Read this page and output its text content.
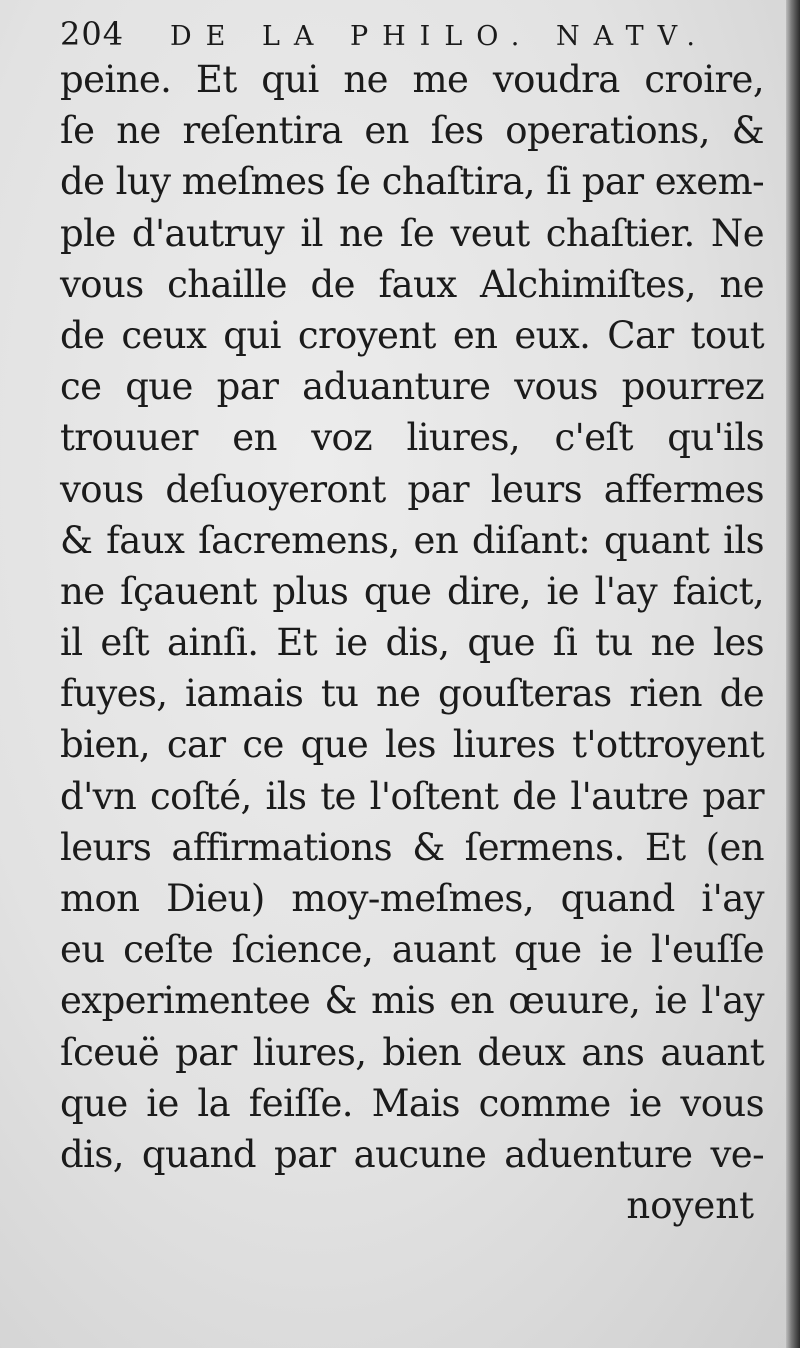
204	DE LA PHILO. NATV.
peine. Et qui ne me voudra croire,
ſe ne reſentira en ſes operations, &
de luy meſmes ſe chaſtira, ſi par exem-
ple d'autruy il ne ſe veut chaſtier. Ne
vous chaille de faux Alchimiſtes, ne
de ceux qui croyent en eux. Car tout
ce que par aduanture vous pourrez
trouuer en voz liures, c'eſt qu'ils
vous deſuoyeront par leurs affermes
& faux ſacremens, en diſant: quant ils
ne ſçauent plus que dire, ie l'ay faict,
il eſt ainſi. Et ie dis, que ſi tu ne les
fuyes, iamais tu ne gouſteras rien de
bien, car ce que les liures t'ottroyent
d'vn coſté, ils te l'oſtent de l'autre par
leurs affirmations & ſermens. Et (en
mon Dieu) moy-meſmes, quand i'ay
eu ceſte ſcience, auant que ie l'euſſe
experimentee & mis en œuure, ie l'ay
ſceuë par liures, bien deux ans auant
que ie la feiſſe. Mais comme ie vous
dis, quand par aucune aduenture ve-
noyent
